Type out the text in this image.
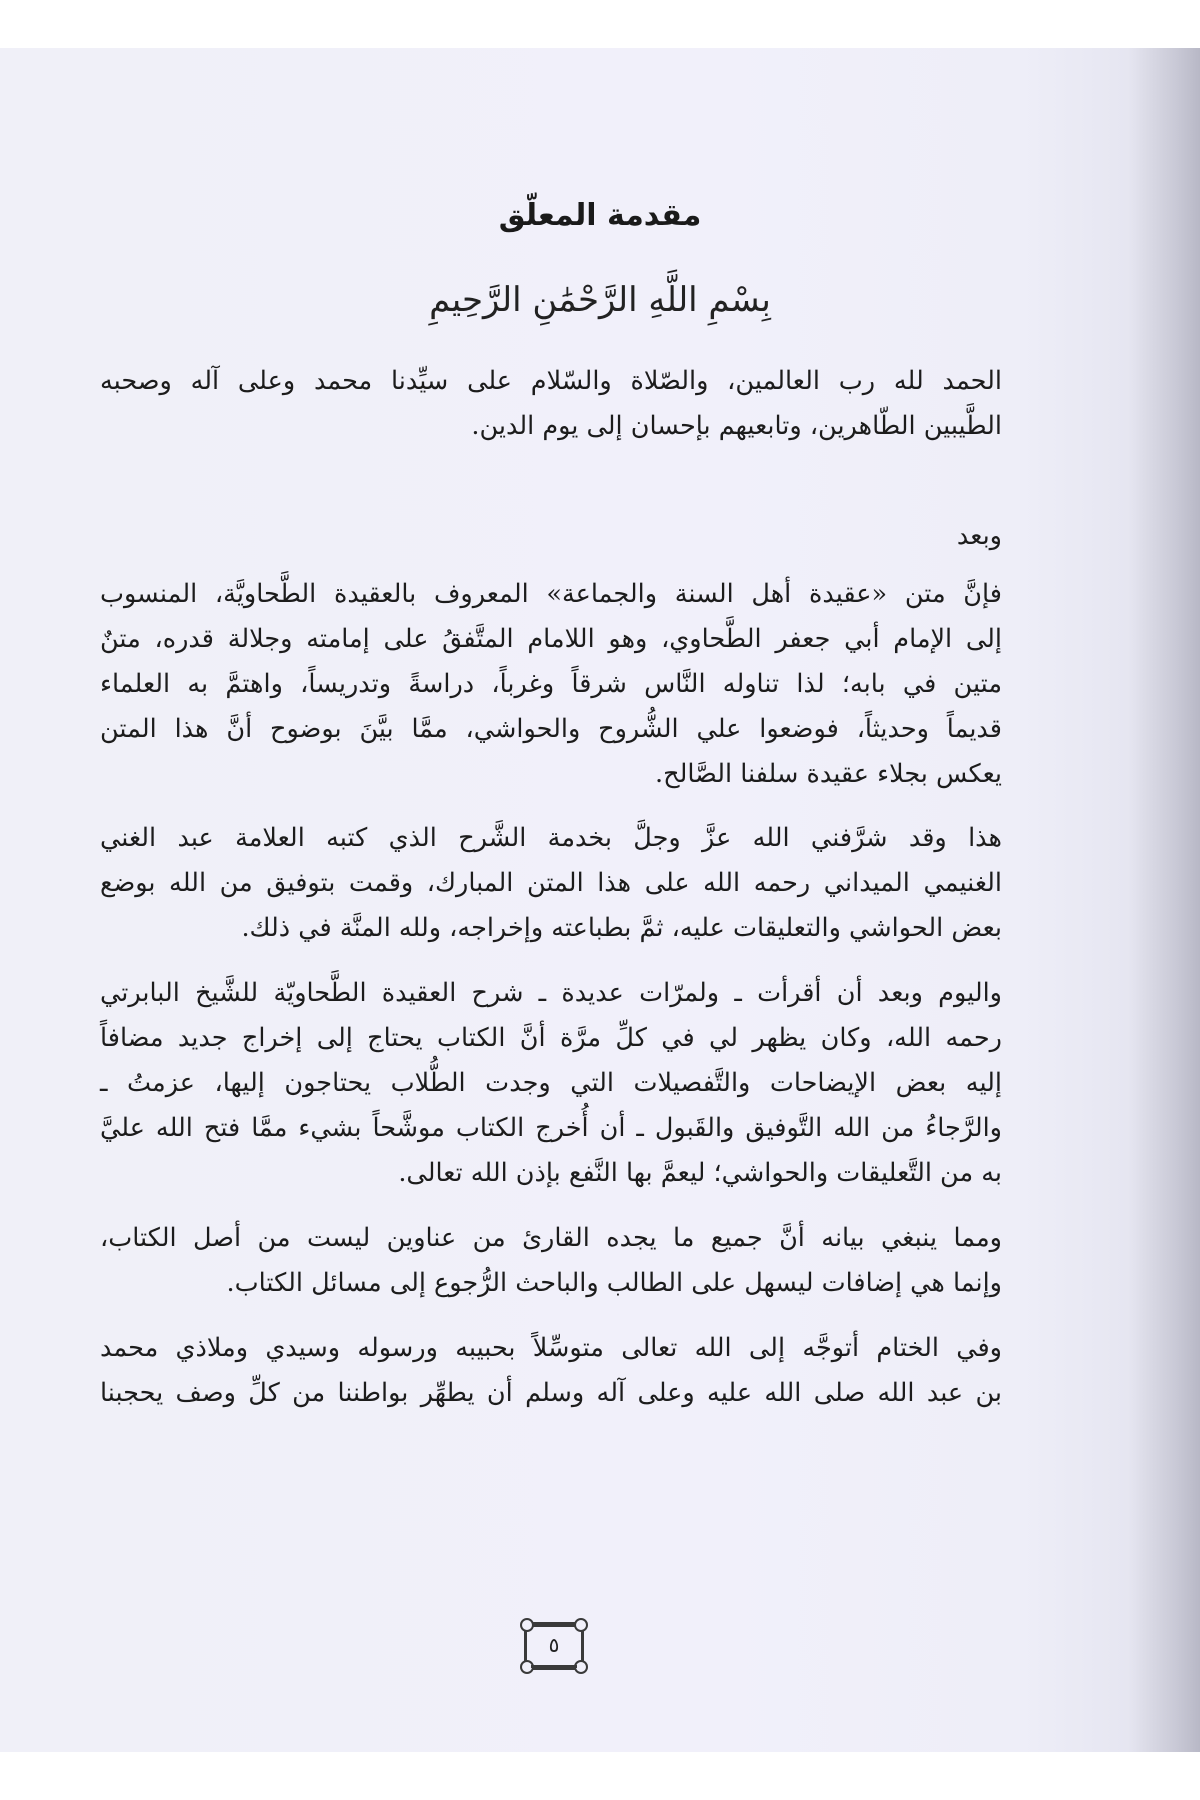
مقدمة المعلّق
بِسْمِ اللَّهِ الرَّحْمَٰنِ الرَّحِيمِ
الحمد لله رب العالمين، والصّلاة والسّلام على سيِّدنا محمد وعلى آله وصحبه
الطَّيبين الطّاهرين، وتابعيهم بإحسان إلى يوم الدين.
وبعد
فإنَّ متن «عقيدة أهل السنة والجماعة» المعروف بالعقيدة الطَّحاويَّة، المنسوب
إلى الإمام أبي جعفر الطَّحاوي، وهو اللامام المتَّفقُ على إمامته وجلالة قدره، متنٌ
متين في بابه؛ لذا تناوله النَّاس شرقاً وغرباً، دراسةً وتدريساً، واهتمَّ به العلماء
قديماً وحديثاً، فوضعوا علي الشُّروح والحواشي، ممَّا بيَّنَ بوضوح أنَّ هذا المتن
يعكس بجلاء عقيدة سلفنا الصَّالح.
هذا وقد شرَّفني الله عزَّ وجلَّ بخدمة الشَّرح الذي كتبه العلامة عبد الغني
الغنيمي الميداني رحمه الله على هذا المتن المبارك، وقمت بتوفيق من الله بوضع
بعض الحواشي والتعليقات عليه، ثمَّ بطباعته وإخراجه، ولله المنَّة في ذلك.
واليوم وبعد أن أقرأت ـ ولمرّات عديدة ـ شرح العقيدة الطَّحاويّة للشَّيخ البابرتي
رحمه الله، وكان يظهر لي في كلِّ مرَّة أنَّ الكتاب يحتاج إلى إخراج جديد مضافاً
إليه بعض الإيضاحات والتَّفصيلات التي وجدت الطُّلاب يحتاجون إليها، عزمتُ ـ
والرَّجاءُ من الله التَّوفيق والقَبول ـ أن أُخرج الكتاب موشَّحاً بشيء ممَّا فتح الله عليَّ
به من التَّعليقات والحواشي؛ ليعمَّ بها النَّفع بإذن الله تعالى.
ومما ينبغي بيانه أنَّ جميع ما يجده القارئ من عناوين ليست من أصل الكتاب،
وإنما هي إضافات ليسهل على الطالب والباحث الرُّجوع إلى مسائل الكتاب.
وفي الختام أتوجَّه إلى الله تعالى متوسِّلاً بحبيبه ورسوله وسيدي وملاذي محمد
بن عبد الله صلى الله عليه وعلى آله وسلم أن يطهِّر بواطننا من كلِّ وصف يحجبنا
٥
